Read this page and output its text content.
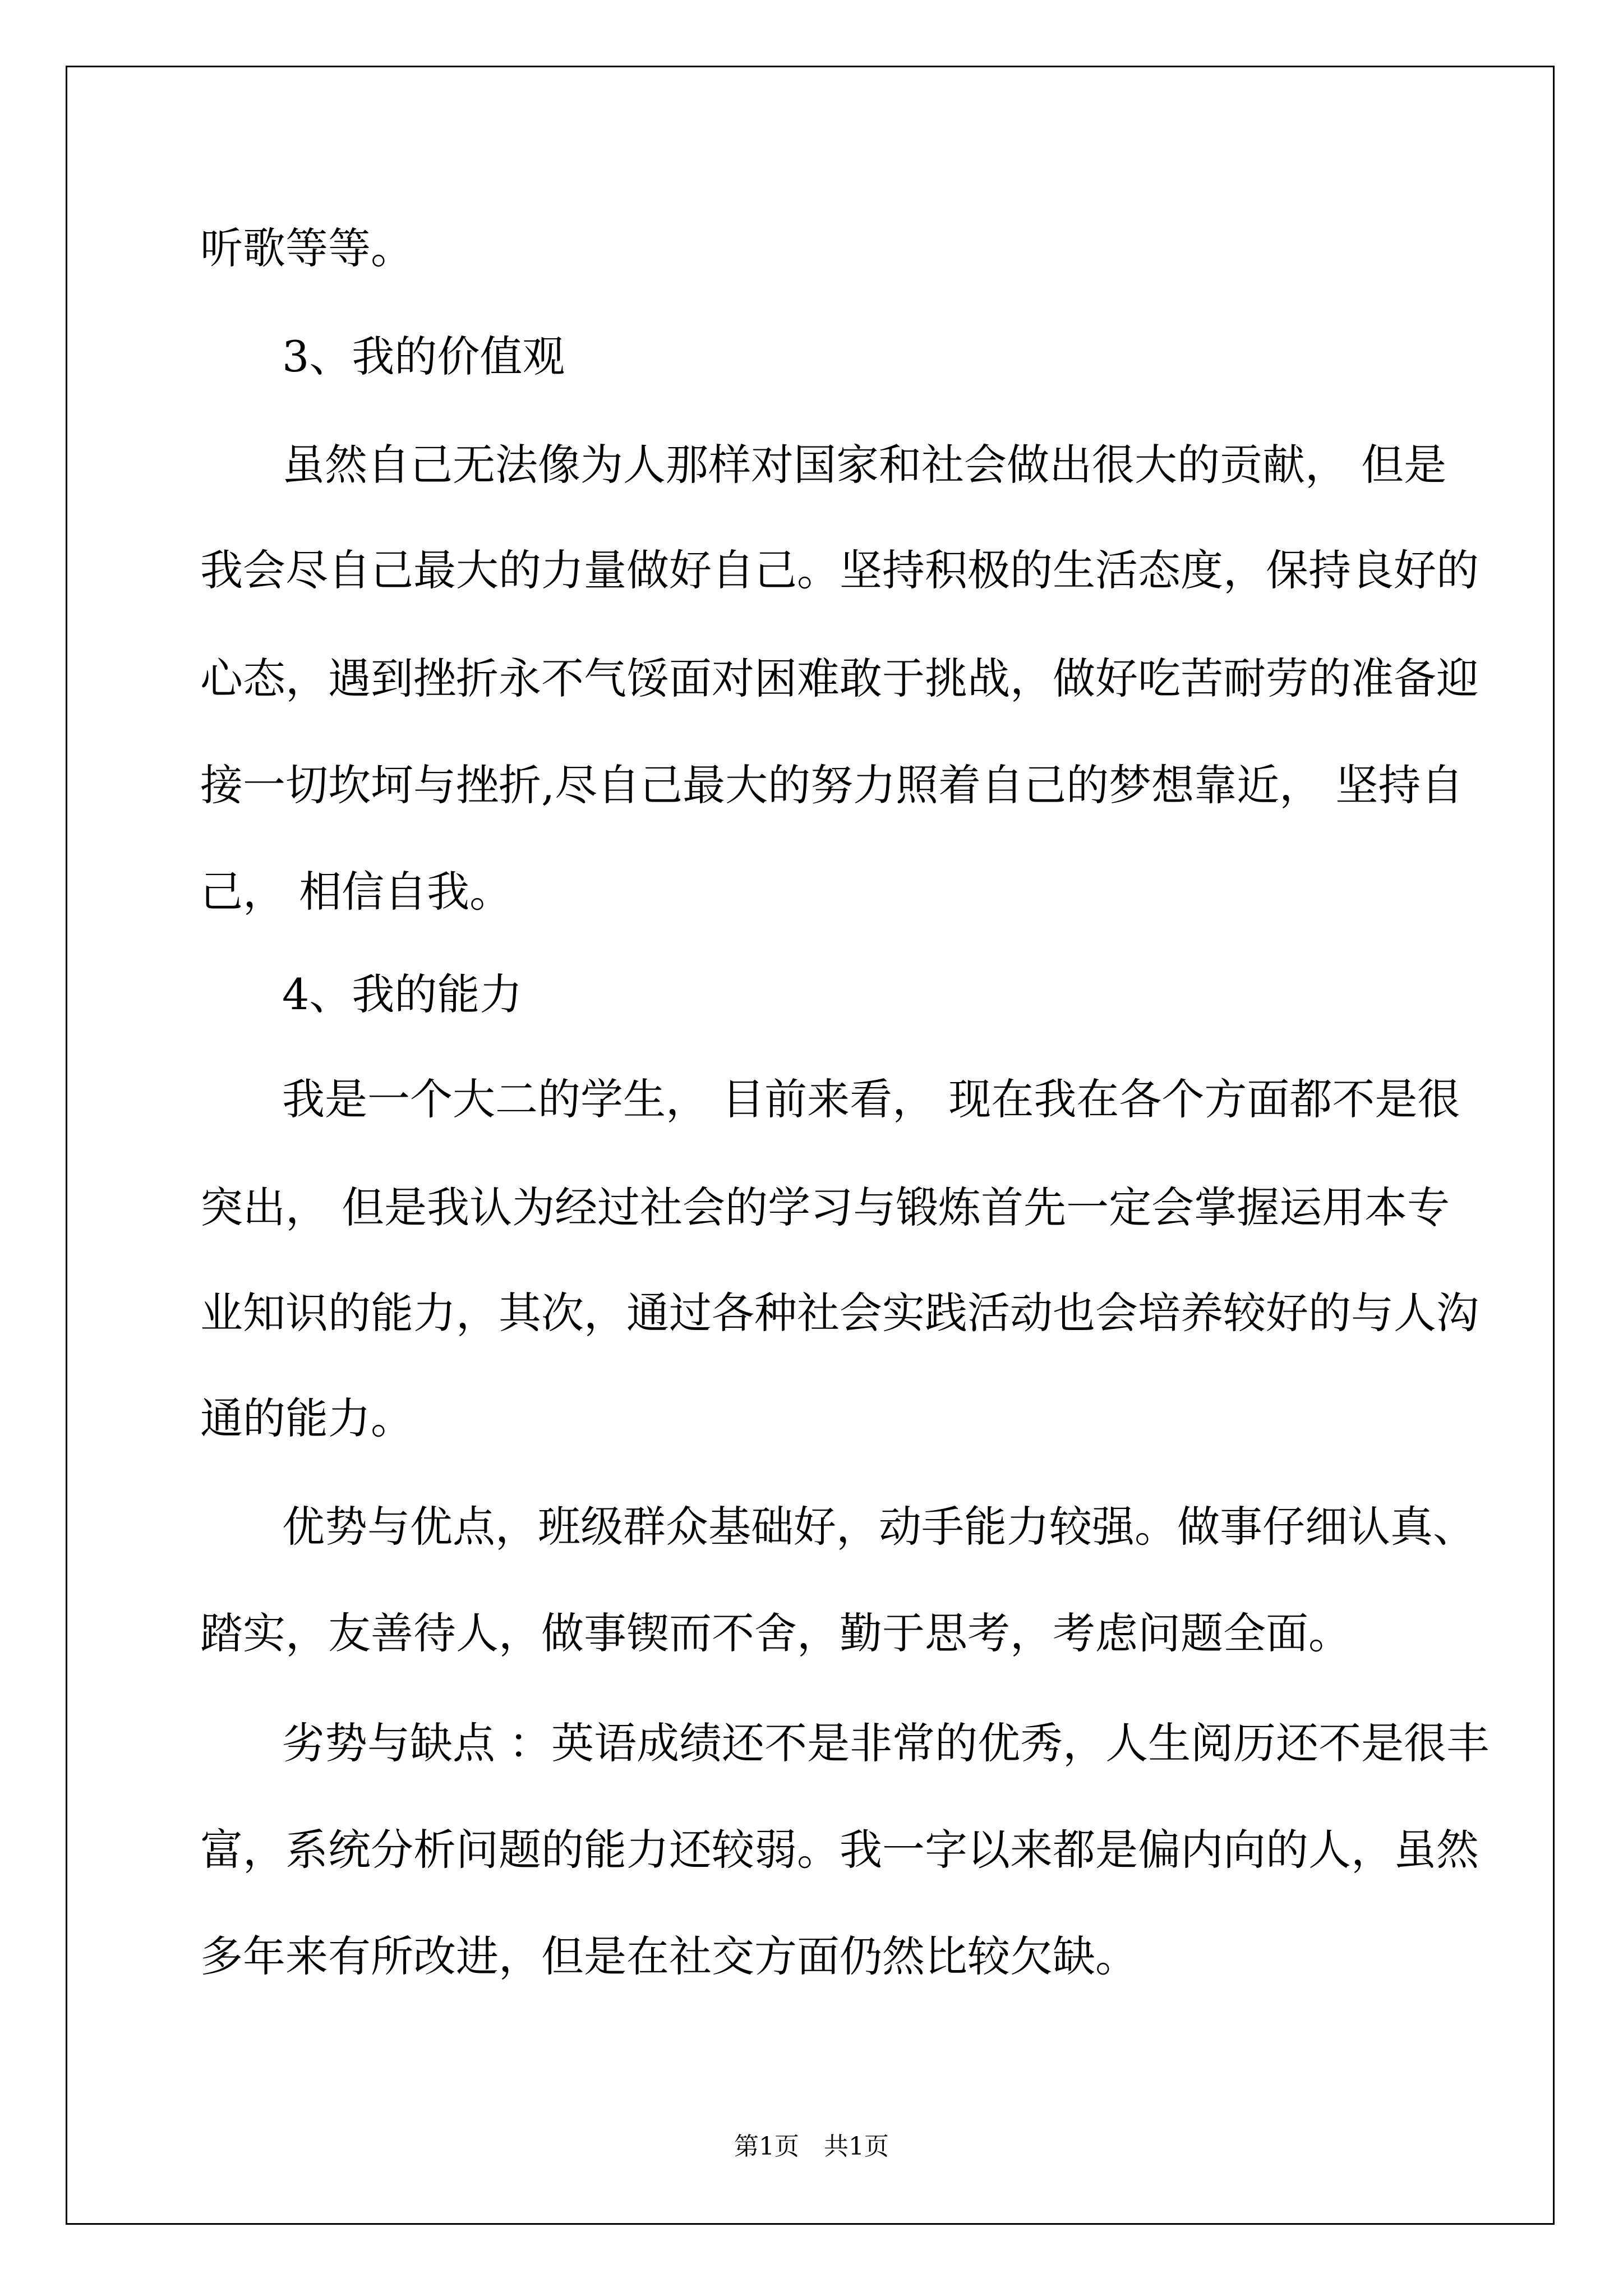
听歌等等。
3、我的价值观
虽然自己无法像为人那样对国家和社会做出很大的贡献， 但是
我会尽自己最大的力量做好自己。坚持积极的生活态度，保持良好的
心态，遇到挫折永不气馁面对困难敢于挑战，做好吃苦耐劳的准备迎
接一切坎坷与挫折,尽自己最大的努力照着自己的梦想靠近， 坚持自
己， 相信自我。
4、我的能力
我是一个大二的学生， 目前来看， 现在我在各个方面都不是很
突出， 但是我认为经过社会的学习与锻炼首先一定会掌握运用本专
业知识的能力，其次，通过各种社会实践活动也会培养较好的与人沟
通的能力。
优势与优点，班级群众基础好，动手能力较强。做事仔细认真、
踏实，友善待人，做事锲而不舍，勤于思考，考虑问题全面。
劣势与缺点 ：英语成绩还不是非常的优秀，人生阅历还不是很丰
富，系统分析问题的能力还较弱。我一字以来都是偏内向的人，虽然
多年来有所改进，但是在社交方面仍然比较欠缺。
第1页　共1页
